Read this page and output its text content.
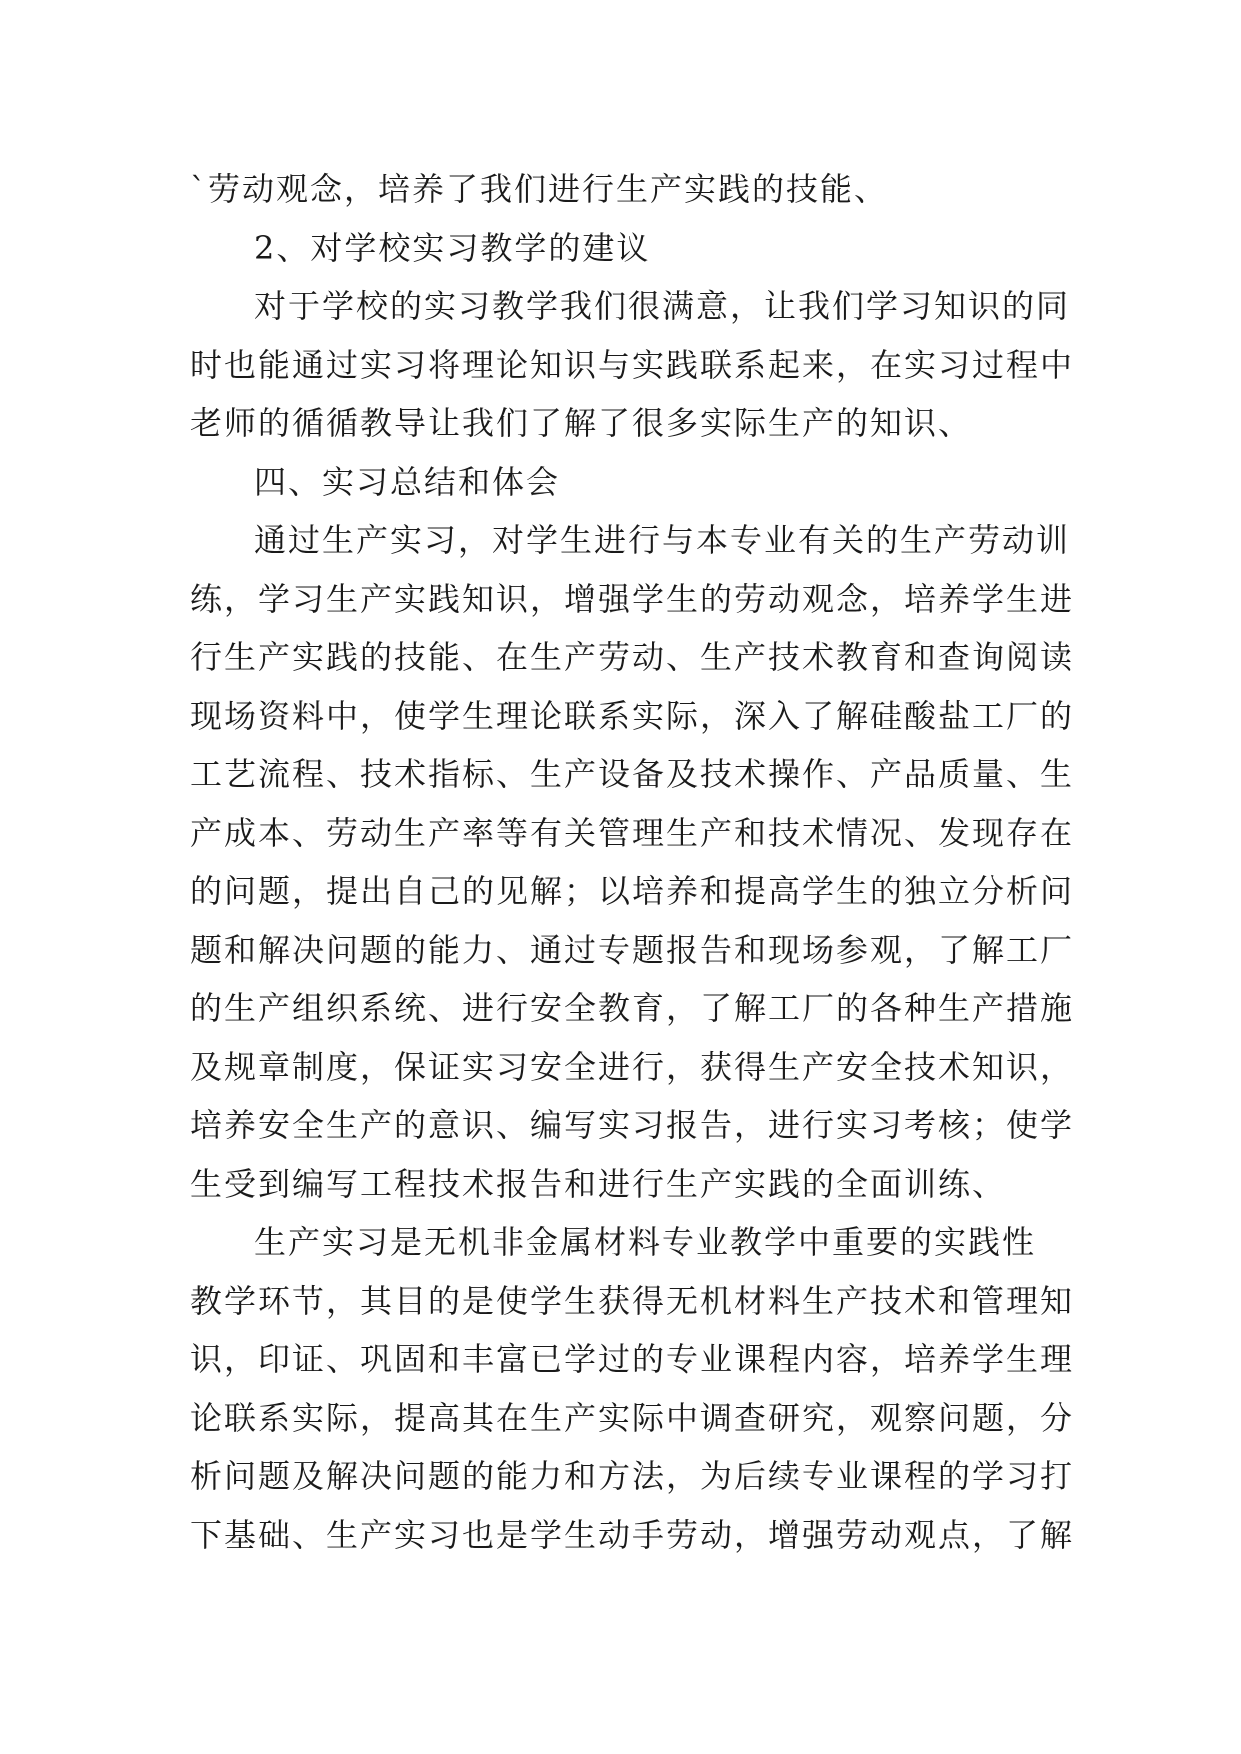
`劳动观念，培养了我们进行生产实践的技能、
2、对学校实习教学的建议
对于学校的实习教学我们很满意，让我们学习知识的同
时也能通过实习将理论知识与实践联系起来，在实习过程中
老师的循循教导让我们了解了很多实际生产的知识、
四、实习总结和体会
通过生产实习，对学生进行与本专业有关的生产劳动训
练，学习生产实践知识，增强学生的劳动观念，培养学生进
行生产实践的技能、在生产劳动、生产技术教育和查询阅读
现场资料中，使学生理论联系实际，深入了解硅酸盐工厂的
工艺流程、技术指标、生产设备及技术操作、产品质量、生
产成本、劳动生产率等有关管理生产和技术情况、发现存在
的问题，提出自己的见解；以培养和提高学生的独立分析问
题和解决问题的能力、通过专题报告和现场参观，了解工厂
的生产组织系统、进行安全教育，了解工厂的各种生产措施
及规章制度，保证实习安全进行，获得生产安全技术知识，
培养安全生产的意识、编写实习报告，进行实习考核；使学
生受到编写工程技术报告和进行生产实践的全面训练、
生产实习是无机非金属材料专业教学中重要的实践性
教学环节，其目的是使学生获得无机材料生产技术和管理知
识，印证、巩固和丰富已学过的专业课程内容，培养学生理
论联系实际，提高其在生产实际中调查研究，观察问题，分
析问题及解决问题的能力和方法，为后续专业课程的学习打
下基础、生产实习也是学生动手劳动，增强劳动观点，了解
